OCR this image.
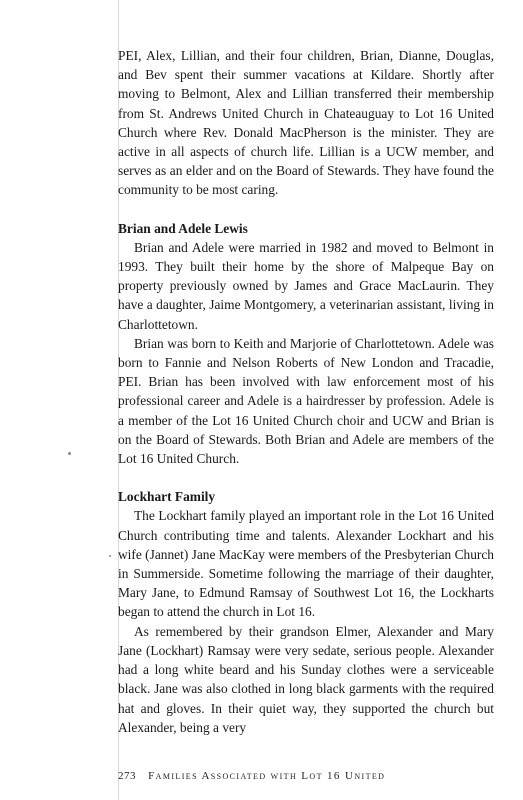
PEI, Alex, Lillian, and their four children, Brian, Dianne, Douglas, and Bev spent their summer vacations at Kildare. Shortly after moving to Belmont, Alex and Lillian transferred their membership from St. Andrews United Church in Chateauguay to Lot 16 United Church where Rev. Donald MacPherson is the minister. They are active in all aspects of church life. Lillian is a UCW member, and serves as an elder and on the Board of Stewards. They have found the community to be most caring.

Brian and Adele Lewis

Brian and Adele were married in 1982 and moved to Belmont in 1993. They built their home by the shore of Malpeque Bay on property previously owned by James and Grace MacLaurin. They have a daughter, Jaime Montgomery, a veterinarian assistant, living in Charlottetown.

Brian was born to Keith and Marjorie of Charlottetown. Adele was born to Fannie and Nelson Roberts of New London and Tracadie, PEI. Brian has been involved with law enforcement most of his professional career and Adele is a hairdresser by profession. Adele is a member of the Lot 16 United Church choir and UCW and Brian is on the Board of Stewards. Both Brian and Adele are members of the Lot 16 United Church.

Lockhart Family

The Lockhart family played an important role in the Lot 16 United Church contributing time and talents. Alexander Lockhart and his wife (Jannet) Jane MacKay were members of the Presbyterian Church in Summerside. Sometime following the marriage of their daughter, Mary Jane, to Edmund Ramsay of Southwest Lot 16, the Lockharts began to attend the church in Lot 16.

As remembered by their grandson Elmer, Alexander and Mary Jane (Lockhart) Ramsay were very sedate, serious people. Alexander had a long white beard and his Sunday clothes were a serviceable black. Jane was also clothed in long black garments with the required hat and gloves. In their quiet way, they supported the church but Alexander, being a very

273 Families Associated with Lot 16 United
